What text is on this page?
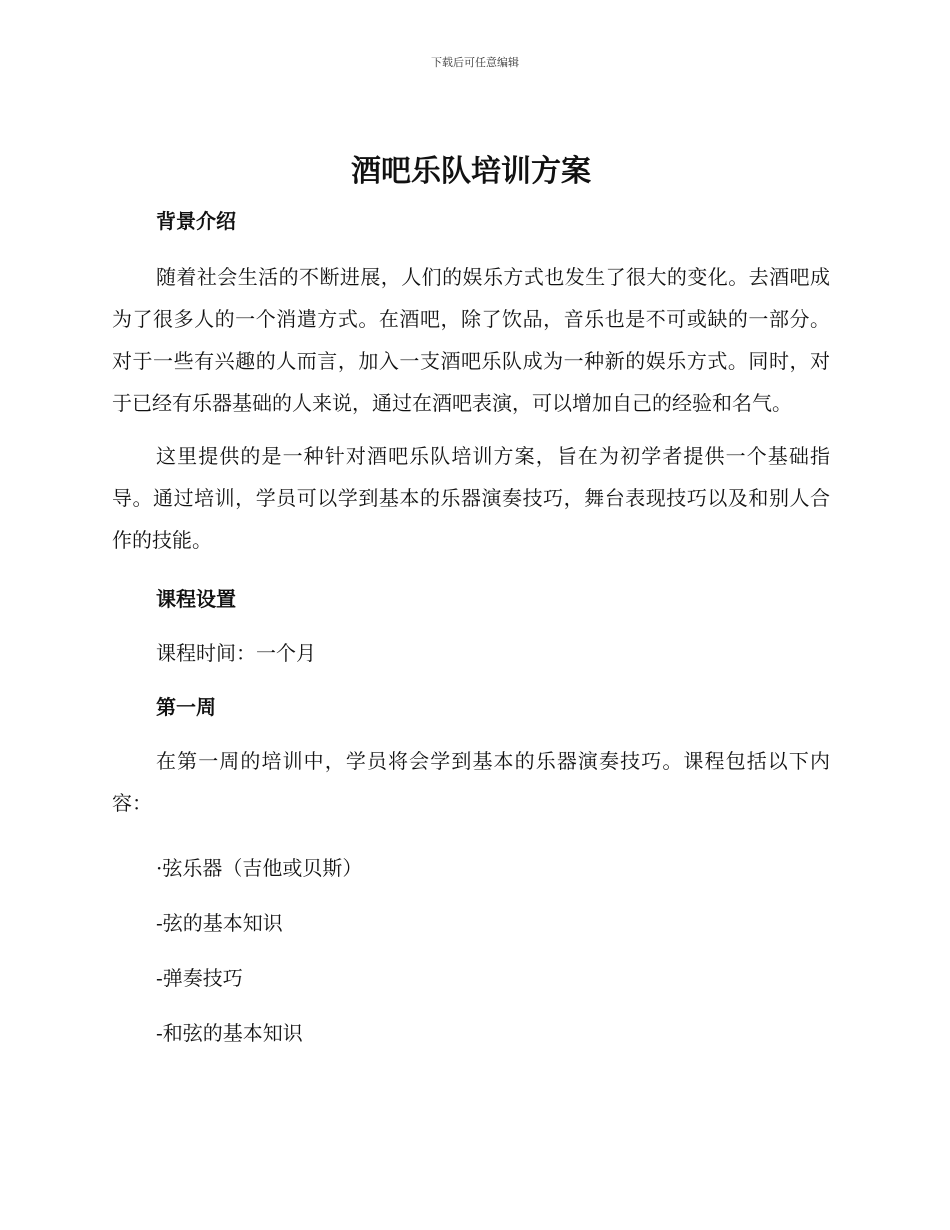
下载后可任意编辑
酒吧乐队培训方案
背景介绍

随着社会生活的不断进展，人们的娱乐方式也发生了很大的变化。去酒吧成为了很多人的一个消遣方式。在酒吧，除了饮品，音乐也是不可或缺的一部分。对于一些有兴趣的人而言，加入一支酒吧乐队成为一种新的娱乐方式。同时，对于已经有乐器基础的人来说，通过在酒吧表演，可以增加自己的经验和名气。

这里提供的是一种针对酒吧乐队培训方案，旨在为初学者提供一个基础指导。通过培训，学员可以学到基本的乐器演奏技巧，舞台表现技巧以及和别人合作的技能。

课程设置

课程时间：一个月

第一周

在第一周的培训中，学员将会学到基本的乐器演奏技巧。课程包括以下内容：

·弦乐器（吉他或贝斯）

-弦的基本知识

-弹奏技巧

-和弦的基本知识
